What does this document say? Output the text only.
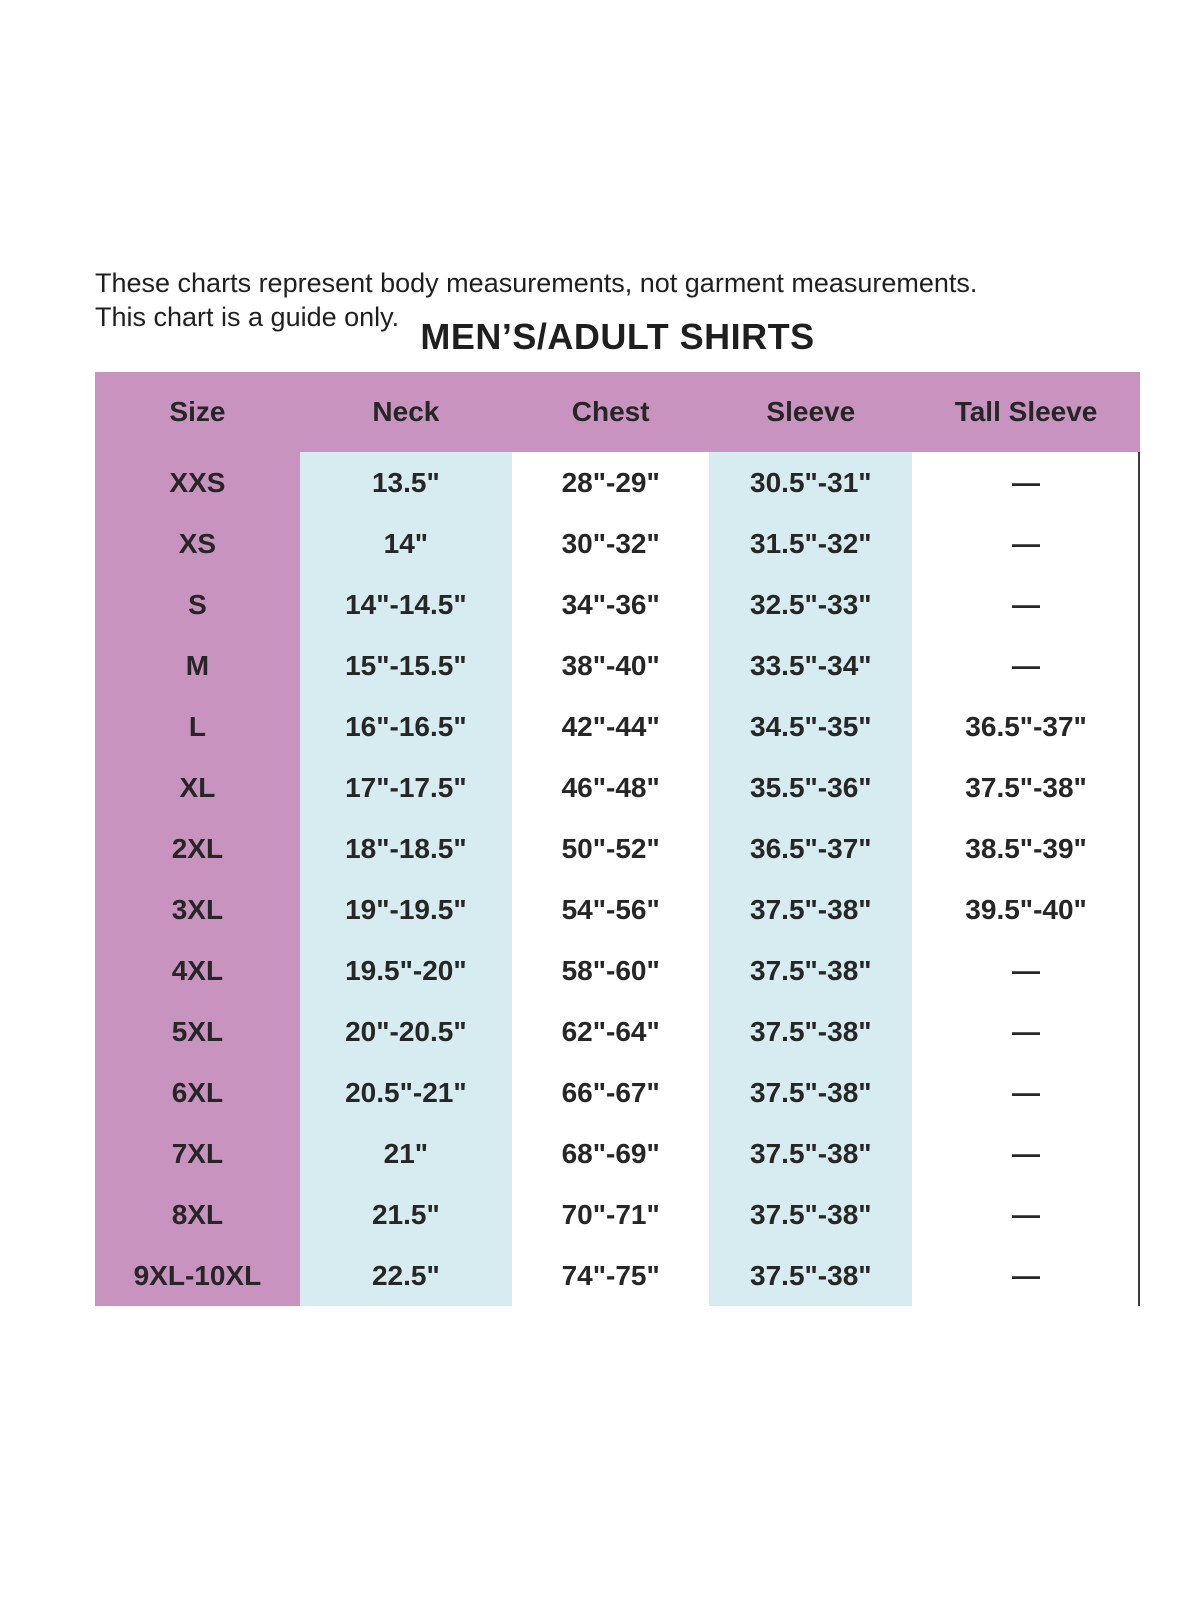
These charts represent body measurements, not garment measurements.
This chart is a guide only. MEN’S/ADULT SHIRTS
Size	Neck	Chest	Sleeve	Tall Sleeve
XXS	13.5"	28"-29"	30.5"-31"	—
XS	14"	30"-32"	31.5"-32"	—
S	14"-14.5"	34"-36"	32.5"-33"	—
M	15"-15.5"	38"-40"	33.5"-34"	—
L	16"-16.5"	42"-44"	34.5"-35"	36.5"-37"
XL	17"-17.5"	46"-48"	35.5"-36"	37.5"-38"
2XL	18"-18.5"	50"-52"	36.5"-37"	38.5"-39"
3XL	19"-19.5"	54"-56"	37.5"-38"	39.5"-40"
4XL	19.5"-20"	58"-60"	37.5"-38"	—
5XL	20"-20.5"	62"-64"	37.5"-38"	—
6XL	20.5"-21"	66"-67"	37.5"-38"	—
7XL	21"	68"-69"	37.5"-38"	—
8XL	21.5"	70"-71"	37.5"-38"	—
9XL-10XL	22.5"	74"-75"	37.5"-38"	—
